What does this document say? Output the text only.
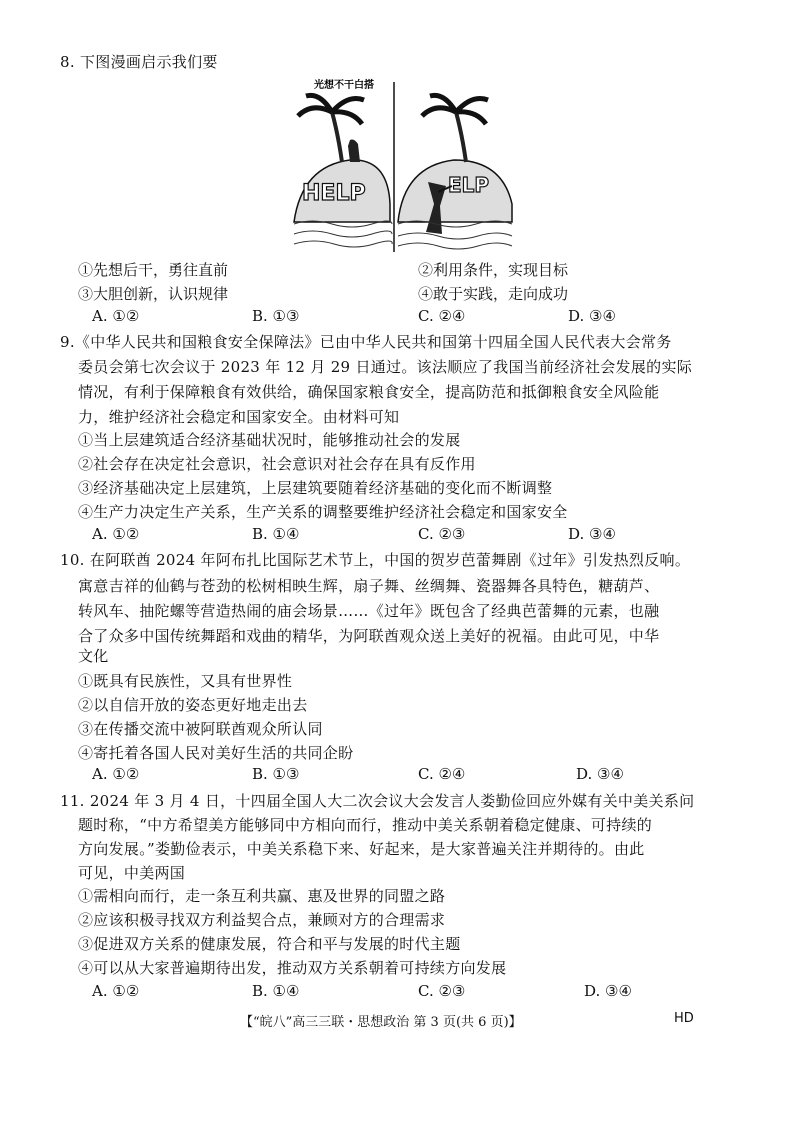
8. 下图漫画启示我们要
光想不干白搭
HELP	ELP
①先想后干，勇往直前	②利用条件，实现目标
③大胆创新，认识规律	④敢于实践，走向成功
A. ①②	B. ①③	C. ②④	D. ③④
9.《中华人民共和国粮食安全保障法》已由中华人民共和国第十四届全国人民代表大会常务
委员会第七次会议于 2023 年 12 月 29 日通过。该法顺应了我国当前经济社会发展的实际
情况，有利于保障粮食有效供给，确保国家粮食安全，提高防范和抵御粮食安全风险能
力，维护经济社会稳定和国家安全。由材料可知
①当上层建筑适合经济基础状况时，能够推动社会的发展
②社会存在决定社会意识，社会意识对社会存在具有反作用
③经济基础决定上层建筑，上层建筑要随着经济基础的变化而不断调整
④生产力决定生产关系，生产关系的调整要维护经济社会稳定和国家安全
A. ①②	B. ①④	C. ②③	D. ③④
10. 在阿联酋 2024 年阿布扎比国际艺术节上，中国的贺岁芭蕾舞剧《过年》引发热烈反响。
寓意吉祥的仙鹤与苍劲的松树相映生辉，扇子舞、丝绸舞、瓷器舞各具特色，糖葫芦、
转风车、抽陀螺等营造热闹的庙会场景……《过年》既包含了经典芭蕾舞的元素，也融
合了众多中国传统舞蹈和戏曲的精华，为阿联酋观众送上美好的祝福。由此可见，中华
文化
①既具有民族性，又具有世界性
②以自信开放的姿态更好地走出去
③在传播交流中被阿联酋观众所认同
④寄托着各国人民对美好生活的共同企盼
A. ①②	B. ①③	C. ②④	D. ③④
11. 2024 年 3 月 4 日，十四届全国人大二次会议大会发言人娄勤俭回应外媒有关中美关系问
题时称，“中方希望美方能够同中方相向而行，推动中美关系朝着稳定健康、可持续的
方向发展。”娄勤俭表示，中美关系稳下来、好起来，是大家普遍关注并期待的。由此
可见，中美两国
①需相向而行，走一条互利共赢、惠及世界的同盟之路
②应该积极寻找双方利益契合点，兼顾对方的合理需求
③促进双方关系的健康发展，符合和平与发展的时代主题
④可以从大家普遍期待出发，推动双方关系朝着可持续方向发展
A. ①②	B. ①④	C. ②③	D. ③④
【“皖八”高三三联・思想政治 第 3 页(共 6 页)】	HD
